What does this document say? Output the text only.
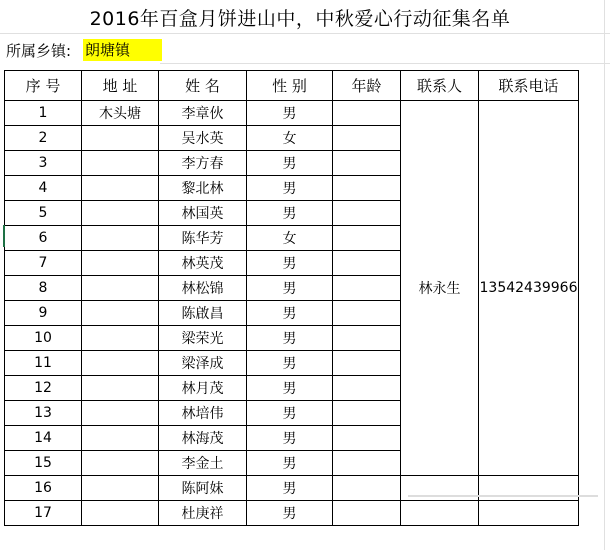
2016年百盒月饼进山中，中秋爱心行动征集名单
所属乡镇: 朗塘镇
序 号	地 址	姓 名	性 别	年龄	联系人	联系电话
1	木头塘	李章伙	男		林永生	13542439966
2		吴水英	女			
3		李方春	男			
4		黎北林	男			
5		林国英	男			
6		陈华芳	女			
7		林英茂	男			
8		林松锦	男			
9		陈啟昌	男			
10		梁荣光	男			
11		梁泽成	男			
12		林月茂	男			
13		林培伟	男			
14		林海茂	男			
15		李金土	男			
16		陈阿妹	男			
17		杜庚祥	男			
